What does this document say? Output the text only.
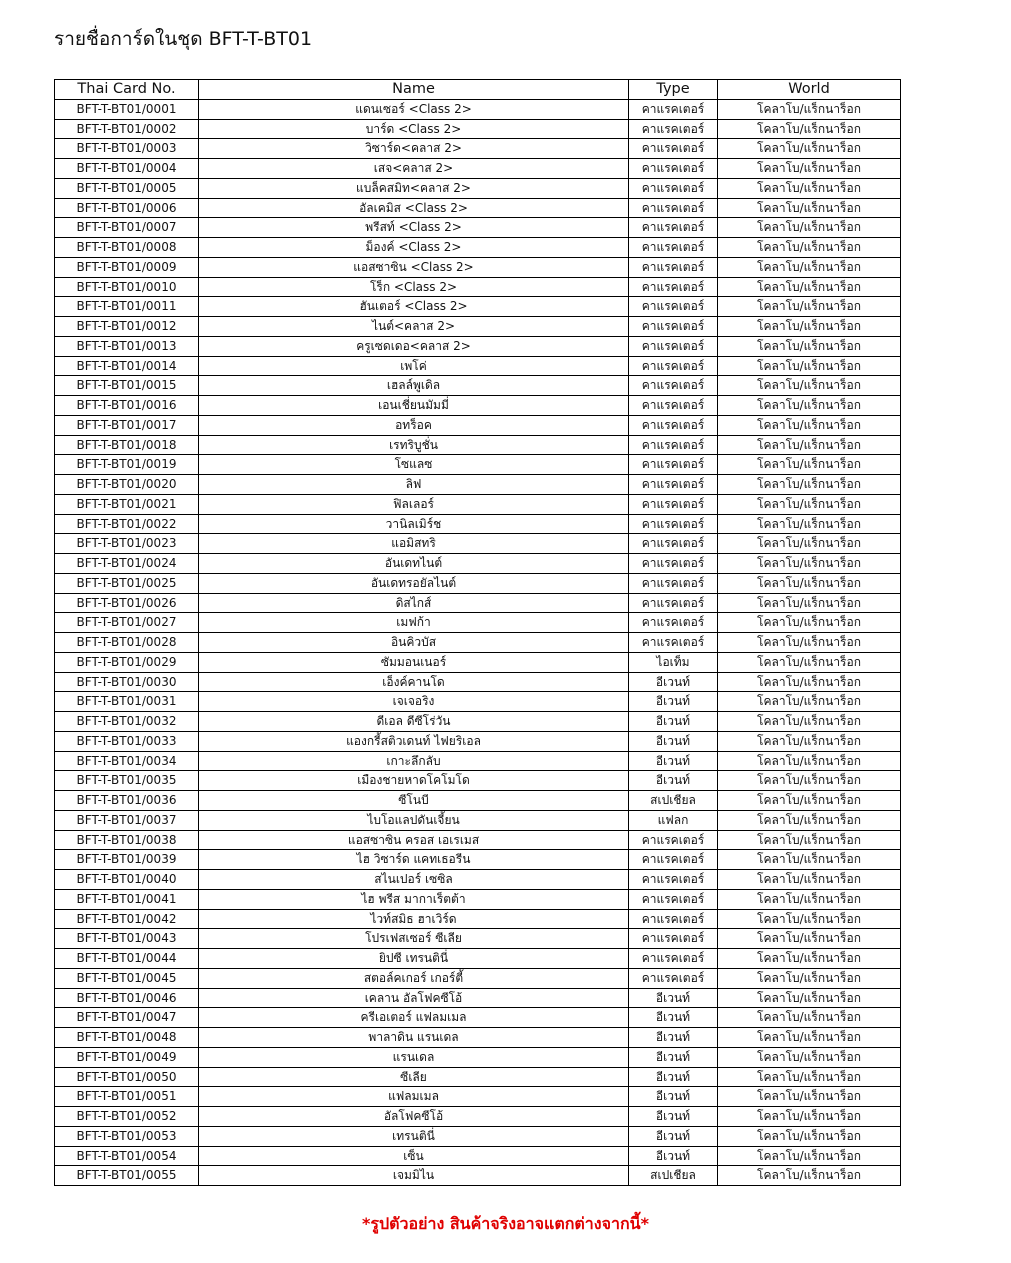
รายชื่อการ์ดในชุด BFT-T-BT01
Thai Card No.	Name	Type	World
BFT-T-BT01/0001	แดนเซอร์ <Class 2>	คาแรคเตอร์	โคลาโบ/แร็กนาร็อก
BFT-T-BT01/0002	บาร์ด <Class 2>	คาแรคเตอร์	โคลาโบ/แร็กนาร็อก
BFT-T-BT01/0003	วิซาร์ด<คลาส 2>	คาแรคเตอร์	โคลาโบ/แร็กนาร็อก
BFT-T-BT01/0004	เสจ<คลาส 2>	คาแรคเตอร์	โคลาโบ/แร็กนาร็อก
BFT-T-BT01/0005	แบล็คสมิท<คลาส 2>	คาแรคเตอร์	โคลาโบ/แร็กนาร็อก
BFT-T-BT01/0006	อัลเคมิส <Class 2>	คาแรคเตอร์	โคลาโบ/แร็กนาร็อก
BFT-T-BT01/0007	พรีสท์ <Class 2>	คาแรคเตอร์	โคลาโบ/แร็กนาร็อก
BFT-T-BT01/0008	ม็องค์ <Class 2>	คาแรคเตอร์	โคลาโบ/แร็กนาร็อก
BFT-T-BT01/0009	แอสซาซิน <Class 2>	คาแรคเตอร์	โคลาโบ/แร็กนาร็อก
BFT-T-BT01/0010	โร็ก <Class 2>	คาแรคเตอร์	โคลาโบ/แร็กนาร็อก
BFT-T-BT01/0011	ฮันเตอร์ <Class 2>	คาแรคเตอร์	โคลาโบ/แร็กนาร็อก
BFT-T-BT01/0012	ไนต์<คลาส 2>	คาแรคเตอร์	โคลาโบ/แร็กนาร็อก
BFT-T-BT01/0013	ครูเซดเดอ<คลาส 2>	คาแรคเตอร์	โคลาโบ/แร็กนาร็อก
BFT-T-BT01/0014	เพโค่	คาแรคเตอร์	โคลาโบ/แร็กนาร็อก
BFT-T-BT01/0015	เฮลล์พูเดิล	คาแรคเตอร์	โคลาโบ/แร็กนาร็อก
BFT-T-BT01/0016	เอนเชี่ยนมัมมี่	คาแรคเตอร์	โคลาโบ/แร็กนาร็อก
BFT-T-BT01/0017	อทร็อค	คาแรคเตอร์	โคลาโบ/แร็กนาร็อก
BFT-T-BT01/0018	เรทริบูชั่น	คาแรคเตอร์	โคลาโบ/แร็กนาร็อก
BFT-T-BT01/0019	โซแลซ	คาแรคเตอร์	โคลาโบ/แร็กนาร็อก
BFT-T-BT01/0020	ลิฟ	คาแรคเตอร์	โคลาโบ/แร็กนาร็อก
BFT-T-BT01/0021	ฟิลเลอร์	คาแรคเตอร์	โคลาโบ/แร็กนาร็อก
BFT-T-BT01/0022	วานิลเมิร์ช	คาแรคเตอร์	โคลาโบ/แร็กนาร็อก
BFT-T-BT01/0023	แอมิสทริ	คาแรคเตอร์	โคลาโบ/แร็กนาร็อก
BFT-T-BT01/0024	อันเดทไนต์	คาแรคเตอร์	โคลาโบ/แร็กนาร็อก
BFT-T-BT01/0025	อันเดทรอยัลไนต์	คาแรคเตอร์	โคลาโบ/แร็กนาร็อก
BFT-T-BT01/0026	ดิสไกส์	คาแรคเตอร์	โคลาโบ/แร็กนาร็อก
BFT-T-BT01/0027	เมฟก้า	คาแรคเตอร์	โคลาโบ/แร็กนาร็อก
BFT-T-BT01/0028	อินคิวบัส	คาแรคเตอร์	โคลาโบ/แร็กนาร็อก
BFT-T-BT01/0029	ซัมมอนเนอร์	ไอเท็ม	โคลาโบ/แร็กนาร็อก
BFT-T-BT01/0030	เอ็งค์คานโด	อีเวนท์	โคลาโบ/แร็กนาร็อก
BFT-T-BT01/0031	เจเจอริง	อีเวนท์	โคลาโบ/แร็กนาร็อก
BFT-T-BT01/0032	ดีเอล ดีซีโร่วัน	อีเวนท์	โคลาโบ/แร็กนาร็อก
BFT-T-BT01/0033	แองกรี้สติวเดนท์ ไฟยริเอล	อีเวนท์	โคลาโบ/แร็กนาร็อก
BFT-T-BT01/0034	เกาะลึกลับ	อีเวนท์	โคลาโบ/แร็กนาร็อก
BFT-T-BT01/0035	เมืองชายหาดโคโมโด	อีเวนท์	โคลาโบ/แร็กนาร็อก
BFT-T-BT01/0036	ซีโนบี	สเปเชียล	โคลาโบ/แร็กนาร็อก
BFT-T-BT01/0037	ไบโอแลปดันเจี้ยน	แฟลก	โคลาโบ/แร็กนาร็อก
BFT-T-BT01/0038	แอสซาซิน ครอส เอเรเมส	คาแรคเตอร์	โคลาโบ/แร็กนาร็อก
BFT-T-BT01/0039	ไฮ วิซาร์ด แคทเธอรีน	คาแรคเตอร์	โคลาโบ/แร็กนาร็อก
BFT-T-BT01/0040	สไนเปอร์ เซซิล	คาแรคเตอร์	โคลาโบ/แร็กนาร็อก
BFT-T-BT01/0041	ไฮ พรีส มากาเร็ตต้า	คาแรคเตอร์	โคลาโบ/แร็กนาร็อก
BFT-T-BT01/0042	ไวท์สมิธ ฮาเวิร์ด	คาแรคเตอร์	โคลาโบ/แร็กนาร็อก
BFT-T-BT01/0043	โปรเฟสเซอร์ ซีเลีย	คาแรคเตอร์	โคลาโบ/แร็กนาร็อก
BFT-T-BT01/0044	ยิปซี เทรนตินี่	คาแรคเตอร์	โคลาโบ/แร็กนาร็อก
BFT-T-BT01/0045	สตอล์คเกอร์ เกอร์ตี้	คาแรคเตอร์	โคลาโบ/แร็กนาร็อก
BFT-T-BT01/0046	เคลาน อัลโฟคซีโอ้	อีเวนท์	โคลาโบ/แร็กนาร็อก
BFT-T-BT01/0047	ครีเอเตอร์ แฟลมเมล	อีเวนท์	โคลาโบ/แร็กนาร็อก
BFT-T-BT01/0048	พาลาดิน แรนเดล	อีเวนท์	โคลาโบ/แร็กนาร็อก
BFT-T-BT01/0049	แรนเดล	อีเวนท์	โคลาโบ/แร็กนาร็อก
BFT-T-BT01/0050	ซีเลีย	อีเวนท์	โคลาโบ/แร็กนาร็อก
BFT-T-BT01/0051	แฟลมเมล	อีเวนท์	โคลาโบ/แร็กนาร็อก
BFT-T-BT01/0052	อัลโฟคซีโอ้	อีเวนท์	โคลาโบ/แร็กนาร็อก
BFT-T-BT01/0053	เทรนตินี่	อีเวนท์	โคลาโบ/แร็กนาร็อก
BFT-T-BT01/0054	เซ็น	อีเวนท์	โคลาโบ/แร็กนาร็อก
BFT-T-BT01/0055	เจมมิไน	สเปเชียล	โคลาโบ/แร็กนาร็อก
*รูปตัวอย่าง สินค้าจริงอาจแตกต่างจากนี้*
